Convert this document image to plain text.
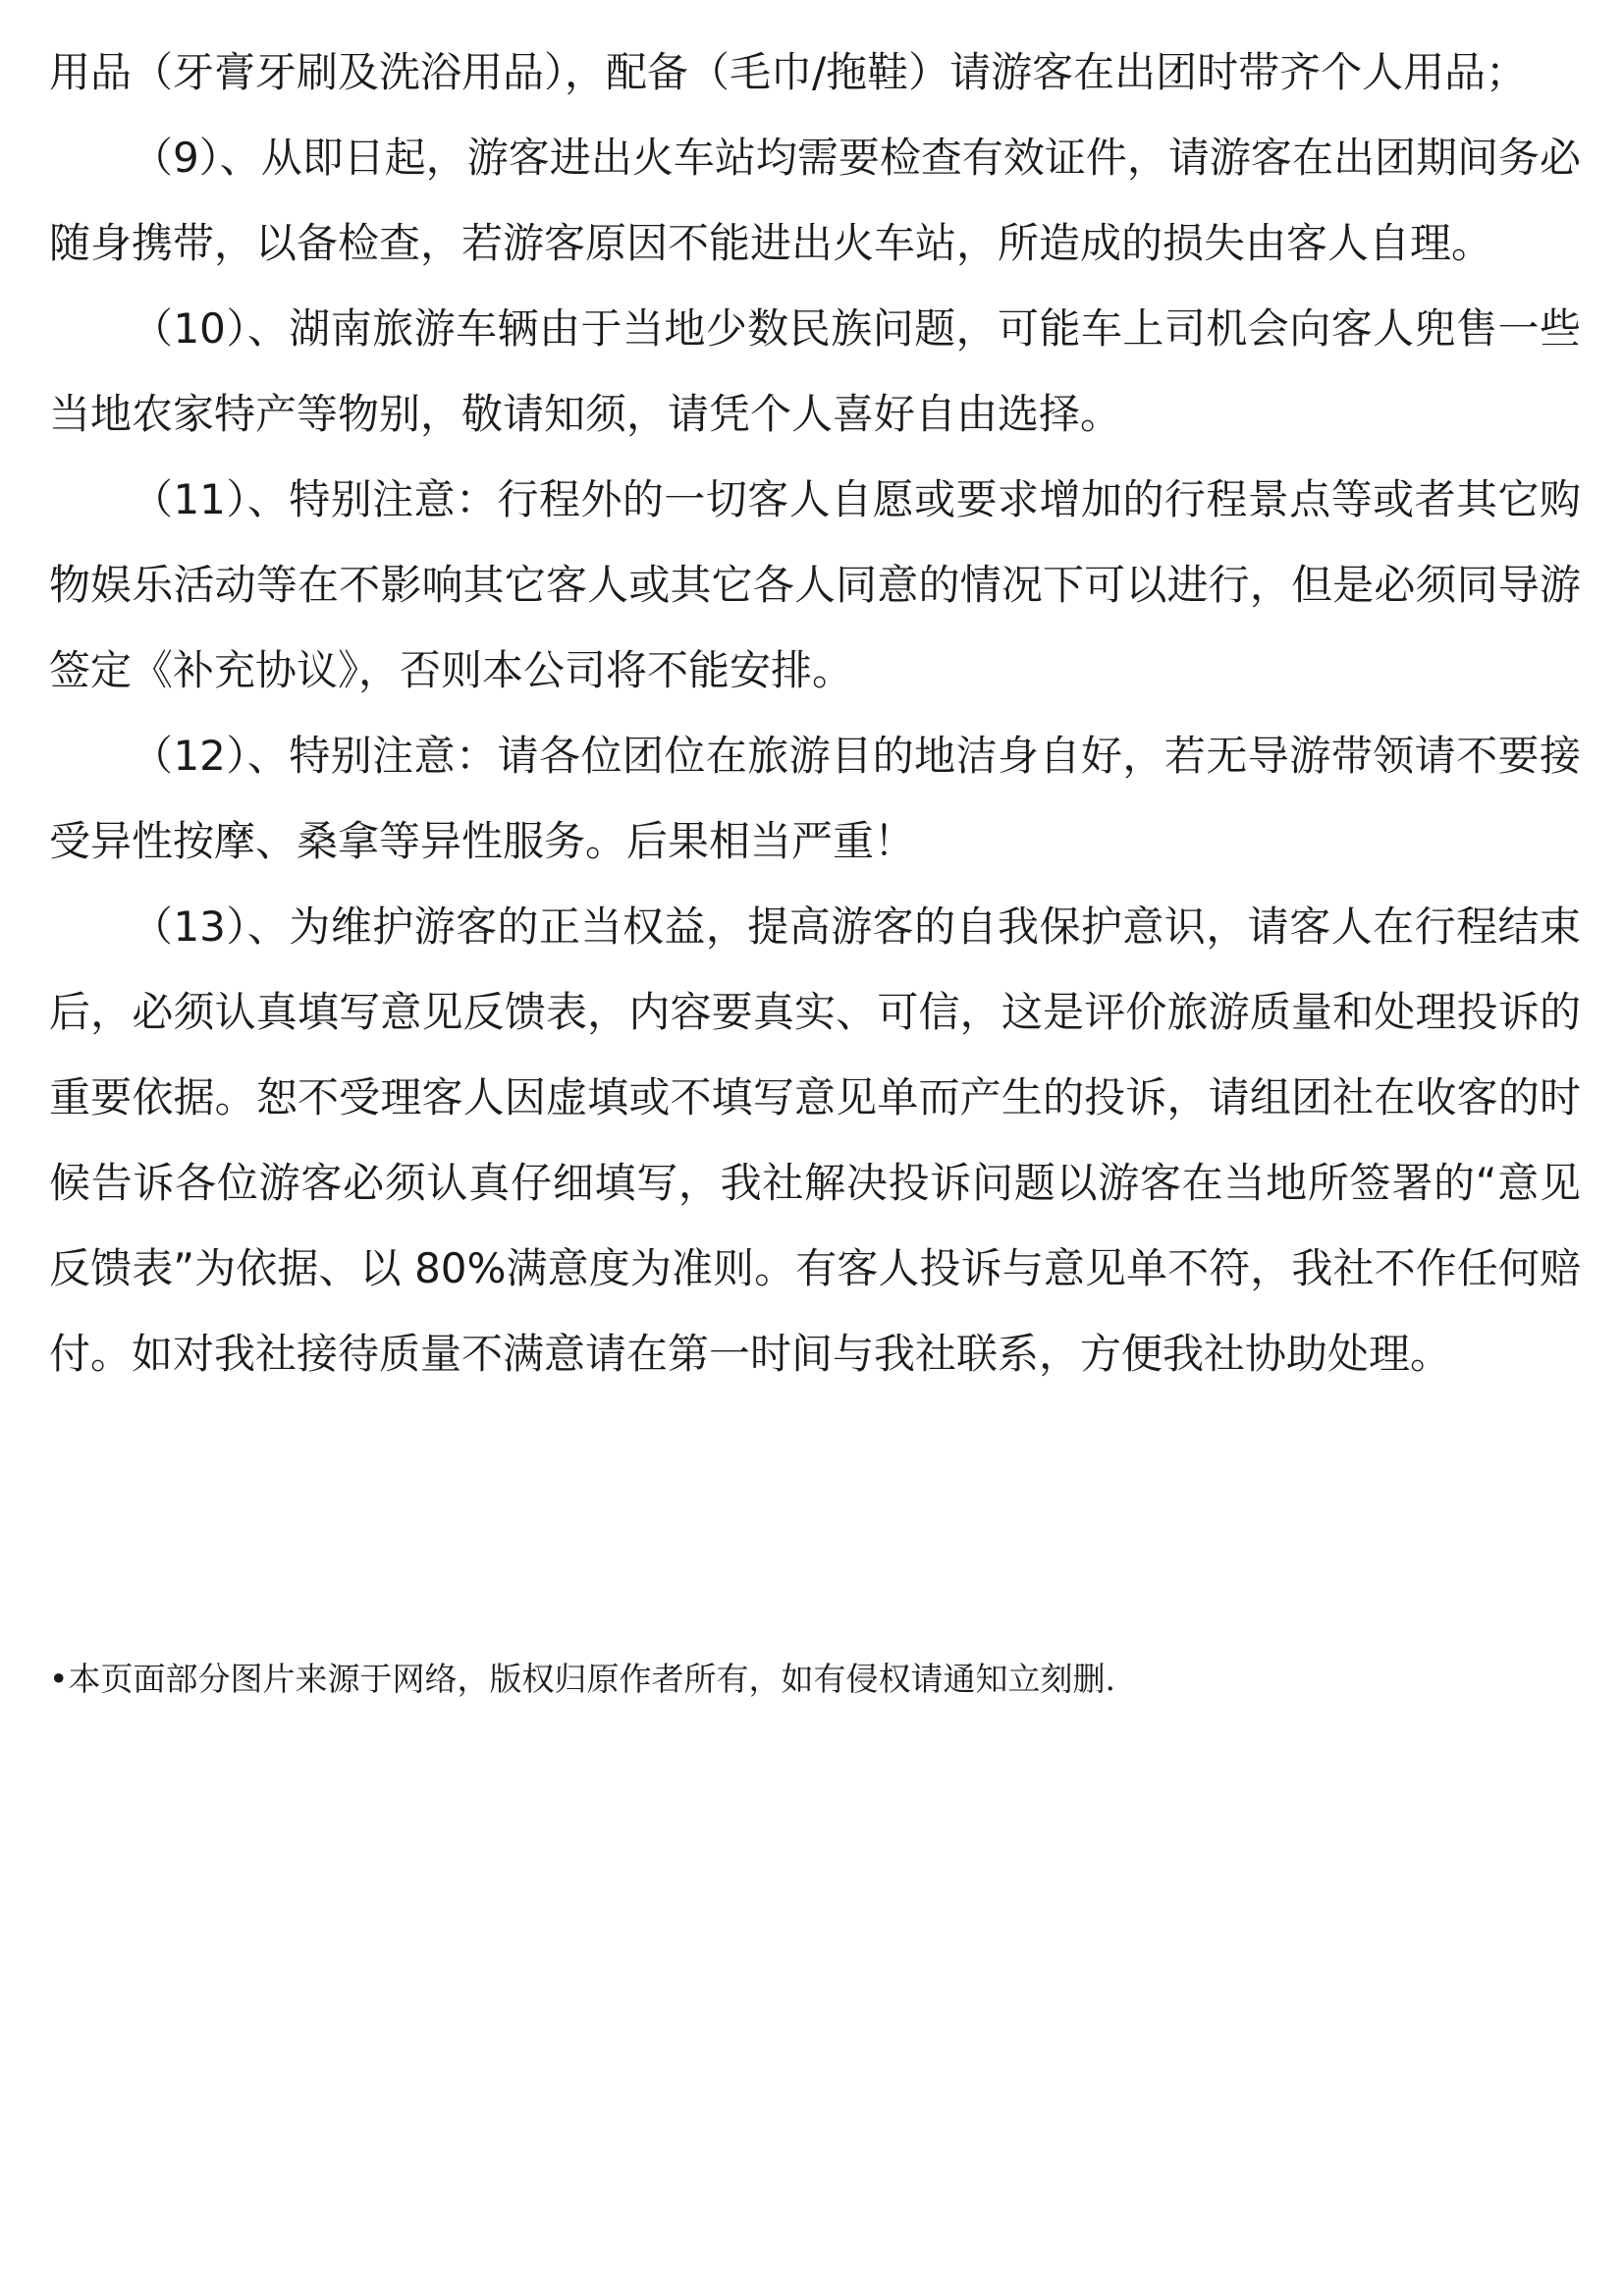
用品（牙膏牙刷及洗浴用品），配备（毛巾/拖鞋）请游客在出团时带齐个人用品；

（9）、从即日起，游客进出火车站均需要检查有效证件，请游客在出团期间务必随身携带，以备检查，若游客原因不能进出火车站，所造成的损失由客人自理。

（10）、湖南旅游车辆由于当地少数民族问题，可能车上司机会向客人兜售一些当地农家特产等物别，敬请知须，请凭个人喜好自由选择。

（11）、特别注意：行程外的一切客人自愿或要求增加的行程景点等或者其它购物娱乐活动等在不影响其它客人或其它各人同意的情况下可以进行，但是必须同导游签定《补充协议》，否则本公司将不能安排。

（12）、特别注意：请各位团位在旅游目的地洁身自好，若无导游带领请不要接受异性按摩、桑拿等异性服务。后果相当严重！

（13）、为维护游客的正当权益，提高游客的自我保护意识，请客人在行程结束后，必须认真填写意见反馈表，内容要真实、可信，这是评价旅游质量和处理投诉的重要依据。恕不受理客人因虚填或不填写意见单而产生的投诉，请组团社在收客的时候告诉各位游客必须认真仔细填写，我社解决投诉问题以游客在当地所签署的“意见反馈表”为依据、以 80%满意度为准则。有客人投诉与意见单不符，我社不作任何赔付。如对我社接待质量不满意请在第一时间与我社联系，方便我社协助处理。

•本页面部分图片来源于网络，版权归原作者所有，如有侵权请通知立刻删.
